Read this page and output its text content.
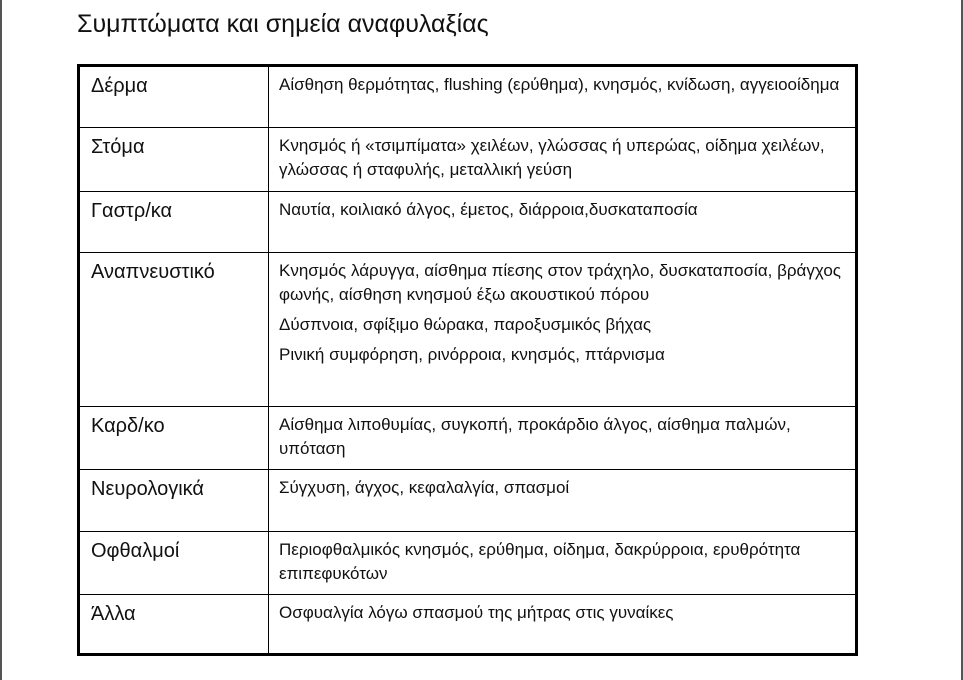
Συμπτώματα και σημεία αναφυλαξίας
Δέρμα	Αίσθηση θερμότητας, flushing (ερύθημα), κνησμός, κνίδωση, αγγειοοίδημα

Στόμα	Κνησμός ή «τσιμπίματα» χειλέων, γλώσσας ή υπερώας, οίδημα χειλέων, γλώσσας ή σταφυλής, μεταλλική γεύση

Γαστρ/κα	Ναυτία, κοιλιακό άλγος, έμετος, διάρροια,δυσκαταποσία

Αναπνευστικό	Κνησμός λάρυγγα, αίσθημα πίεσης στον τράχηλο, δυσκαταποσία, βράγχος φωνής, αίσθηση κνησμού έξω ακουστικού πόρου
Δύσπνοια, σφίξιμο θώρακα, παροξυσμικός βήχας
Ρινική συμφόρηση, ρινόρροια, κνησμός, πτάρνισμα

Καρδ/κο	Αίσθημα λιποθυμίας, συγκοπή, προκάρδιο άλγος, αίσθημα παλμών, υπόταση

Νευρολογικά	Σύγχυση, άγχος, κεφαλαλγία, σπασμοί

Οφθαλμοί	Περιοφθαλμικός κνησμός, ερύθημα, οίδημα, δακρύρροια, ερυθρότητα επιπεφυκότων

Άλλα	Οσφυαλγία λόγω σπασμού της μήτρας στις γυναίκες
